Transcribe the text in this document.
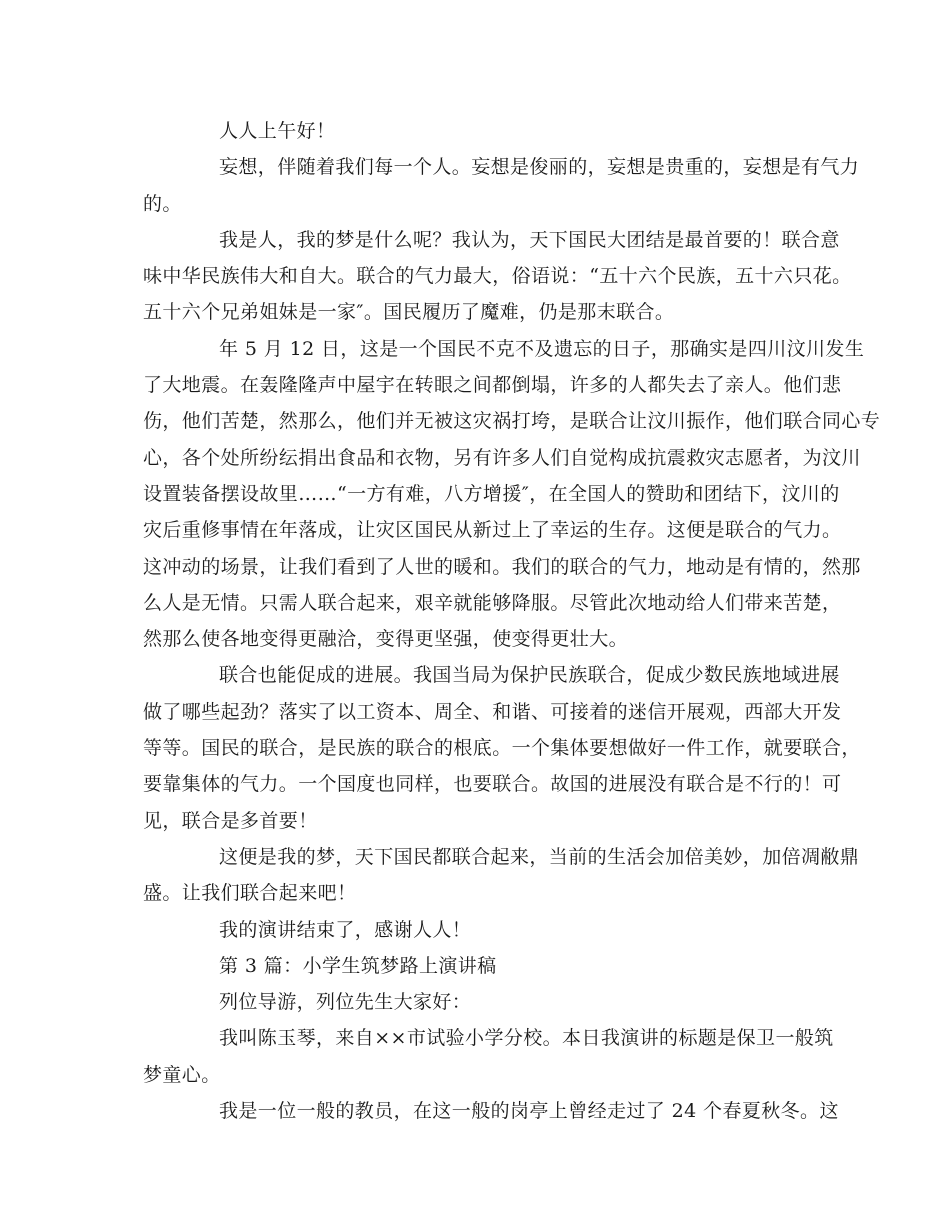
人人上午好！
妄想，伴随着我们每一个人。妄想是俊丽的，妄想是贵重的，妄想是有气力
的。
我是人，我的梦是什么呢？我认为，天下国民大团结是最首要的！联合意
味中华民族伟大和自大。联合的气力最大，俗语说：“五十六个民族，五十六只花。
五十六个兄弟姐妹是一家″。国民履历了魔难，仍是那末联合。
年 5 月 12 日，这是一个国民不克不及遗忘的日子，那确实是四川汶川发生
了大地震。在轰隆隆声中屋宇在转眼之间都倒塌，许多的人都失去了亲人。他们悲
伤，他们苦楚，然那么，他们并无被这灾祸打垮，是联合让汶川振作，他们联合同心专
心，各个处所纷纭捐出食品和衣物，另有许多人们自觉构成抗震救灾志愿者，为汶川
设置装备摆设故里……“一方有难，八方增援″，在全国人的赞助和团结下，汶川的
灾后重修事情在年落成，让灾区国民从新过上了幸运的生存。这便是联合的气力。
这冲动的场景，让我们看到了人世的暖和。我们的联合的气力，地动是有情的，然那
么人是无情。只需人联合起来，艰辛就能够降服。尽管此次地动给人们带来苦楚，
然那么使各地变得更融洽，变得更坚强，使变得更壮大。
联合也能促成的进展。我国当局为保护民族联合，促成少数民族地域进展
做了哪些起劲？落实了以工资本、周全、和谐、可接着的迷信开展观，西部大开发
等等。国民的联合，是民族的联合的根底。一个集体要想做好一件工作，就要联合，
要靠集体的气力。一个国度也同样，也要联合。故国的进展没有联合是不行的！可
见，联合是多首要！
这便是我的梦，天下国民都联合起来，当前的生活会加倍美妙，加倍凋敝鼎
盛。让我们联合起来吧！
我的演讲结束了，感谢人人！
第 3 篇：小学生筑梦路上演讲稿
列位导游，列位先生大家好：
我叫陈玉琴，来自××市试验小学分校。本日我演讲的标题是保卫一般筑
梦童心。
我是一位一般的教员，在这一般的岗亭上曾经走过了 24 个春夏秋冬。这
